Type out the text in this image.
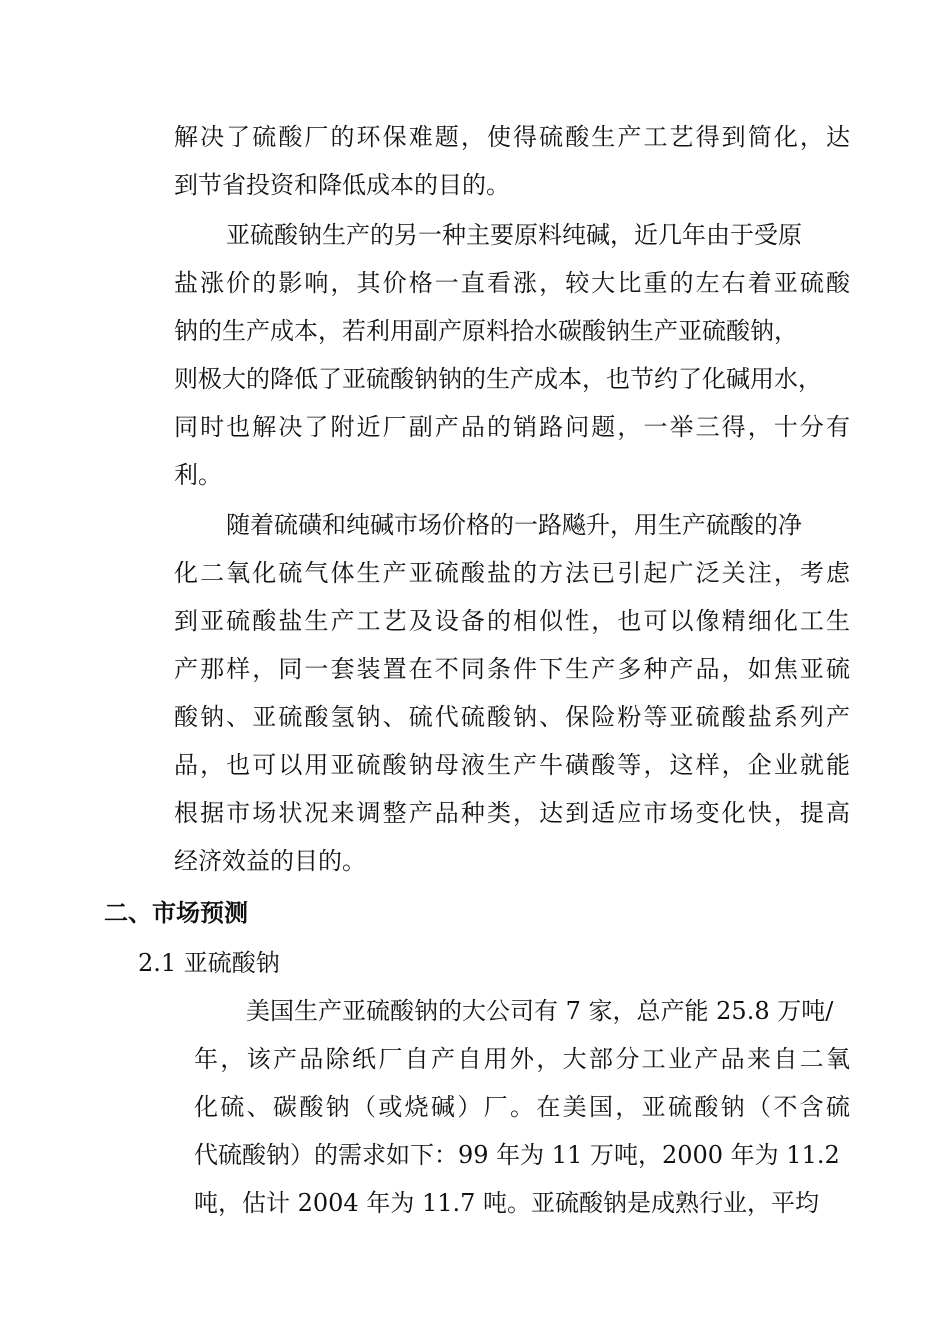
解决了硫酸厂的环保难题，使得硫酸生产工艺得到简化，达
到节省投资和降低成本的目的。
亚硫酸钠生产的另一种主要原料纯碱，近几年由于受原
盐涨价的影响，其价格一直看涨，较大比重的左右着亚硫酸
钠的生产成本，若利用副产原料拾水碳酸钠生产亚硫酸钠，
则极大的降低了亚硫酸钠钠的生产成本，也节约了化碱用水，
同时也解决了附近厂副产品的销路问题，一举三得，十分有
利。
随着硫磺和纯碱市场价格的一路飚升，用生产硫酸的净
化二氧化硫气体生产亚硫酸盐的方法已引起广泛关注，考虑
到亚硫酸盐生产工艺及设备的相似性，也可以像精细化工生
产那样，同一套装置在不同条件下生产多种产品，如焦亚硫
酸钠、亚硫酸氢钠、硫代硫酸钠、保险粉等亚硫酸盐系列产
品，也可以用亚硫酸钠母液生产牛磺酸等，这样，企业就能
根据市场状况来调整产品种类，达到适应市场变化快，提高
经济效益的目的。
二、市场预测
2.1 亚硫酸钠
美国生产亚硫酸钠的大公司有 7 家，总产能 25.8 万吨/
年，该产品除纸厂自产自用外，大部分工业产品来自二氧
化硫、碳酸钠（或烧碱）厂。在美国，亚硫酸钠（不含硫
代硫酸钠）的需求如下：99 年为 11 万吨，2000 年为 11.2
吨，估计 2004 年为 11.7 吨。亚硫酸钠是成熟行业，平均
